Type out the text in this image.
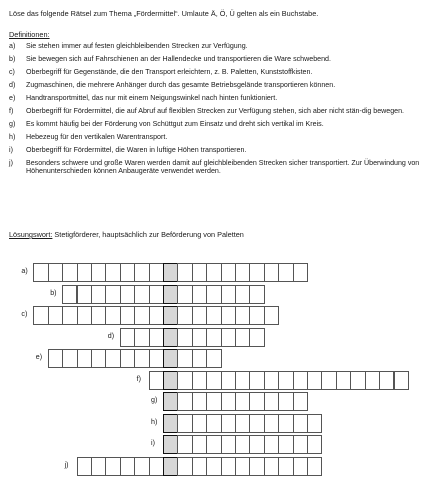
Löse das folgende Rätsel zum Thema „Fördermittel“. Umlaute Ä, Ö, Ü gelten als ein Buchstabe.
Definitionen:
a)	Sie stehen immer auf festen gleichbleibenden Strecken zur Verfügung.
b)	Sie bewegen sich auf Fahrschienen an der Hallendecke und transportieren die Ware schwebend.
c)	Oberbegriff für Gegenstände, die den Transport erleichtern, z. B. Paletten, Kunststoffkisten.
d)	Zugmaschinen, die mehrere Anhänger durch das gesamte Betriebsgelände transportieren können.
e)	Handtransportmittel, das nur mit einem Neigungswinkel nach hinten funktioniert.
f)	Oberbegriff für Fördermittel, die auf Abruf auf flexiblen Strecken zur Verfügung stehen, sich aber nicht stän-dig bewegen.
g)	Es kommt häufig bei der Förderung von Schüttgut zum Einsatz und dreht sich vertikal im Kreis.
h)	Hebezeug für den vertikalen Warentransport.
i)	Oberbegriff für Fördermittel, die Waren in luftige Höhen transportieren.
j)	Besonders schwere und große Waren werden damit auf gleichbleibenden Strecken sicher transportiert. Zur Überwindung von Höhenunterschieden können Anbaugeräte verwendet werden.
Lösungswort: Stetigförderer, hauptsächlich zur Beförderung von Paletten
a)
b)
c)
d)
e)
f)
g)
h)
i)
j)
